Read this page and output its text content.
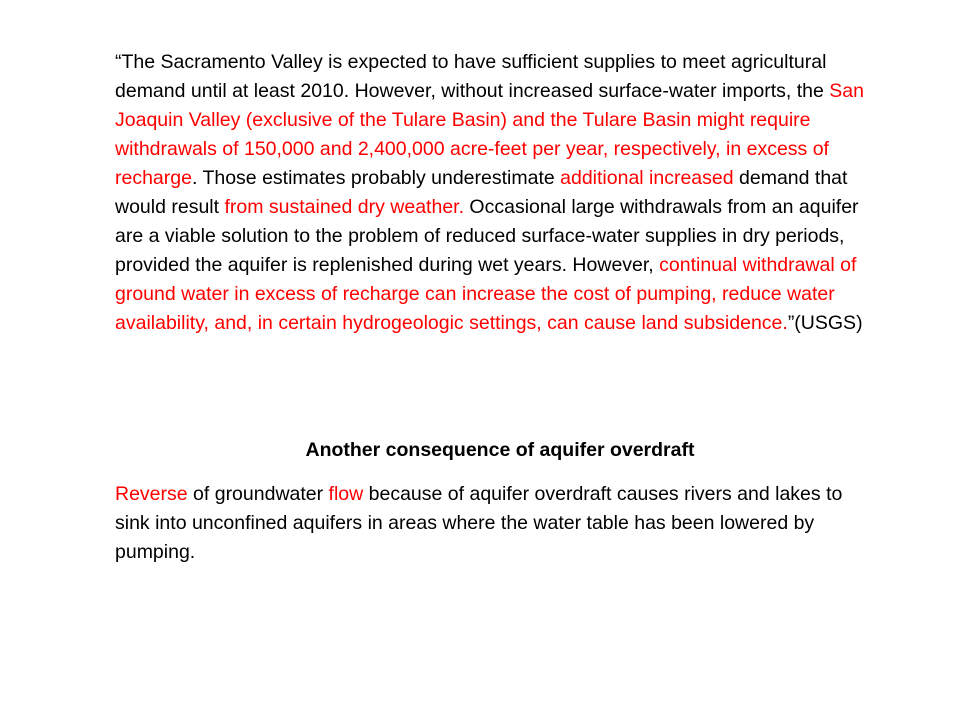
“The Sacramento Valley is expected to have sufficient supplies to meet agricultural demand until at least 2010. However, without increased surface-water imports, the San Joaquin Valley (exclusive of the Tulare Basin) and the Tulare Basin might require withdrawals of 150,000 and 2,400,000 acre-feet per year, respectively, in excess of recharge. Those estimates probably underestimate additional increased demand that would result from sustained dry weather. Occasional large withdrawals from an aquifer are a viable solution to the problem of reduced surface-water supplies in dry periods, provided the aquifer is replenished during wet years. However, continual withdrawal of ground water in excess of recharge can increase the cost of pumping, reduce water availability, and, in certain hydrogeologic settings, can cause land subsidence.”(USGS)

Another consequence of aquifer overdraft

Reverse of groundwater flow because of aquifer overdraft causes rivers and lakes to sink into unconfined aquifers in areas where the water table has been lowered by pumping.
